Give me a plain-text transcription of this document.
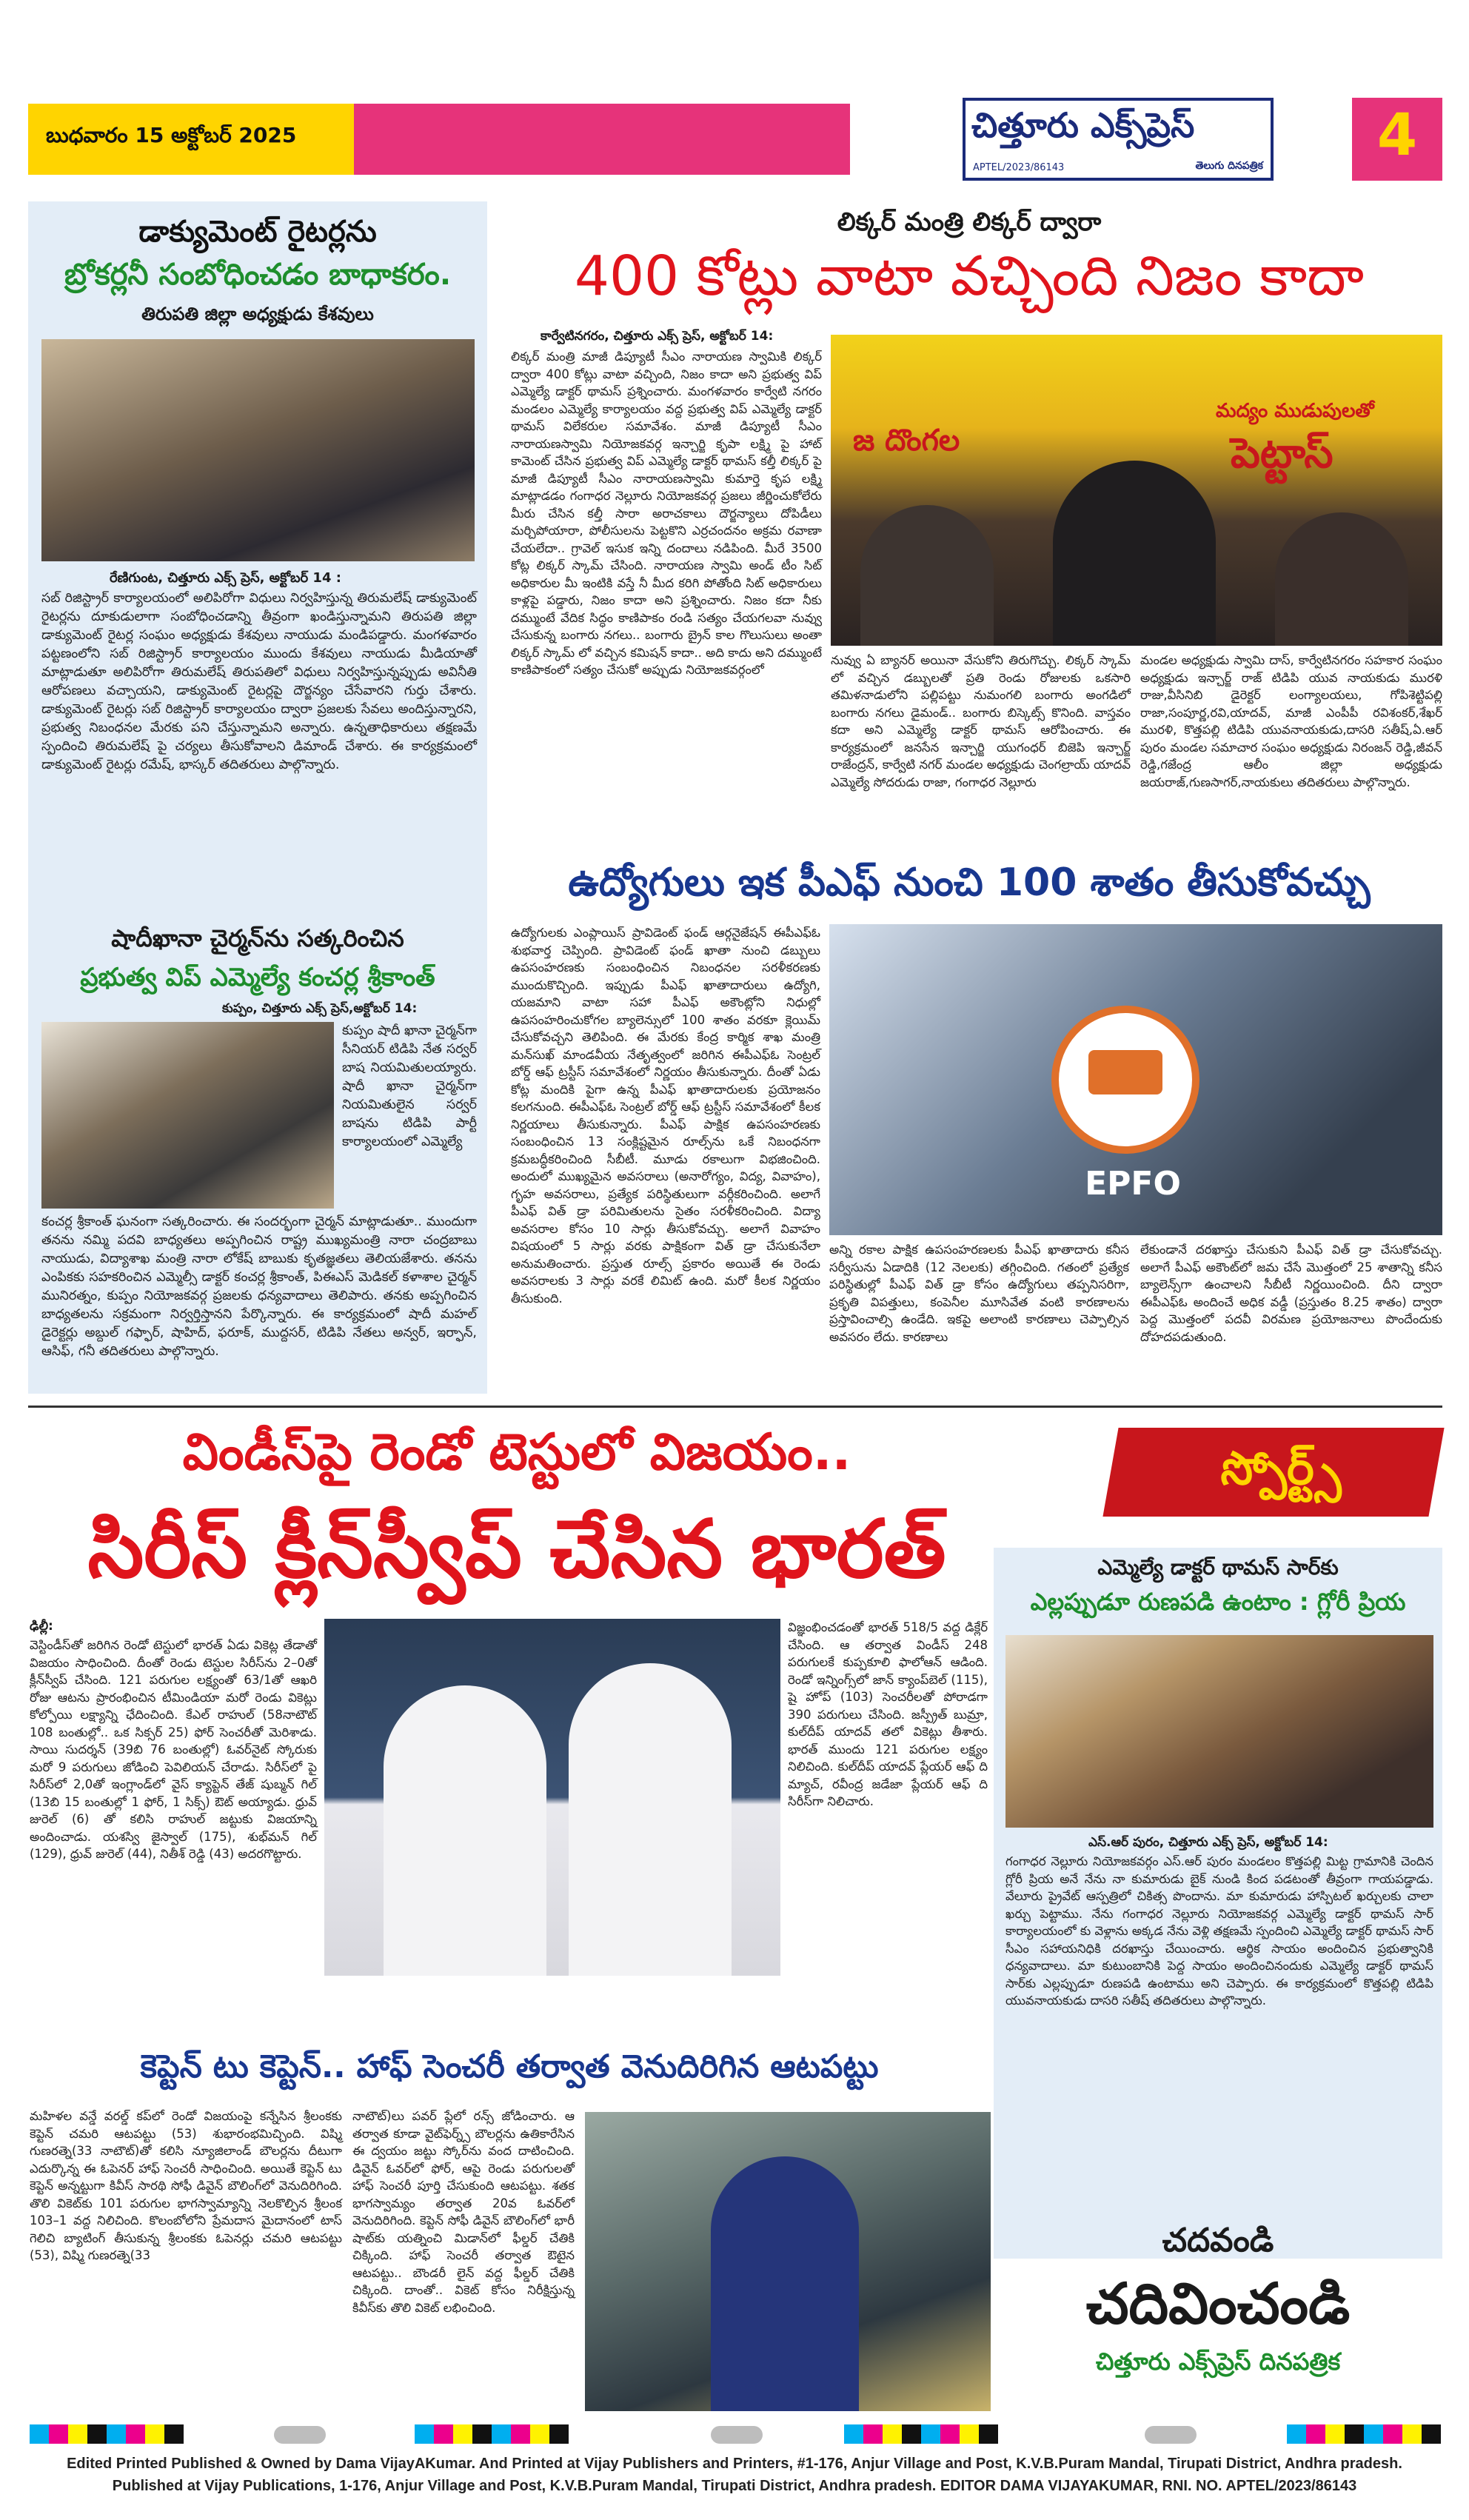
బుధవారం 15 అక్టోబర్ 2025	చిత్తూరు ఎక్స్‌ప్రెస్
APTEL/2023/86143	తెలుగు దినపత్రిక	4
డాక్యుమెంట్ రైటర్లను
బ్రోకర్లనీ సంబోధించడం బాధాకరం.
తిరుపతి జిల్లా అధ్యక్షుడు కేశవులు
రేణిగుంట, చిత్తూరు ఎక్స్ ప్రెస్, అక్టోబర్ 14 :
సబ్ రిజిస్ట్రార్ కార్యాలయంలో అలిపిరోగా విధులు నిర్వహిస్తున్న తిరుమలేష్ డాక్యుమెంట్ రైటర్లను దూకుడులాగా సంబోధించడాన్ని తీవ్రంగా ఖండిస్తున్నామని తిరుపతి జిల్లా డాక్యుమెంట్ రైటర్ల సంఘం అధ్యక్షుడు కేశవులు నాయుడు మండిపడ్డారు. మంగళవారం పట్టణంలోని సబ్ రిజిస్ట్రార్ కార్యాలయం ముందు కేశవులు నాయుడు మీడియాతో మాట్లాడుతూ అలిపిరోగా తిరుమలేష్ తిరుపతిలో విధులు నిర్వహిస్తున్నప్పుడు అవినీతి ఆరోపణలు వచ్చాయని, డాక్యుమెంట్ రైటర్లపై దౌర్జన్యం చేసేవారని గుర్తు చేశారు. డాక్యుమెంట్ రైటర్లు సబ్ రిజిస్ట్రార్ కార్యాలయం ద్వారా ప్రజలకు సేవలు అందిస్తున్నారని, ప్రభుత్వ నిబంధనల మేరకు పని చేస్తున్నామని అన్నారు. ఉన్నతాధికారులు తక్షణమే స్పందించి తిరుమలేష్ పై చర్యలు తీసుకోవాలని డిమాండ్ చేశారు. ఈ కార్యక్రమంలో డాక్యుమెంట్ రైటర్లు రమేష్, భాస్కర్ తదితరులు పాల్గొన్నారు.
షాదీఖానా చైర్మన్‌ను సత్కరించిన
ప్రభుత్వ విప్ ఎమ్మెల్యే కంచర్ల శ్రీకాంత్
కుప్పం, చిత్తూరు ఎక్స్ ప్రెస్,అక్టోబర్ 14:
కుప్పం షాదీ ఖానా చైర్మన్‌గా సీనియర్ టిడిపి నేత సర్వర్ బాష నియమితులయ్యారు. షాదీ ఖానా చైర్మన్‌గా నియమితులైన సర్వర్ బాషను టిడిపి పార్టీ కార్యాలయంలో ఎమ్మెల్యే
కంచర్ల శ్రీకాంత్ ఘనంగా సత్కరించారు. ఈ సందర్భంగా చైర్మన్ మాట్లాడుతూ.. ముందుగా తనను నమ్మి పదవి బాధ్యతలు అప్పగించిన రాష్ట్ర ముఖ్యమంత్రి నారా చంద్రబాబు నాయుడు, విద్యాశాఖ మంత్రి నారా లోకేష్ బాబుకు కృతజ్ఞతలు తెలియజేశారు. తనను ఎంపికకు సహకరించిన ఎమ్మెల్సీ డాక్టర్ కంచర్ల శ్రీకాంత్, పిఈఎస్ మెడికల్ కళాశాల చైర్మన్ మునిరత్నం, కుప్పం నియోజకవర్గ ప్రజలకు ధన్యవాదాలు తెలిపారు. తనకు అప్పగించిన బాధ్యతలను సక్రమంగా నిర్వర్తిస్తానని పేర్కొన్నారు. ఈ కార్యక్రమంలో షాదీ మహల్ డైరెక్టర్లు అబ్దుల్ గఫ్ఫార్, షాహిద్, ఫరూక్, ముద్దసర్, టిడిపి నేతలు అన్వర్, ఇర్ఫాన్, ఆసిఫ్, గనీ తదితరులు పాల్గొన్నారు.
లిక్కర్ మంత్రి లిక్కర్ ద్వారా
400 కోట్లు వాటా వచ్చింది నిజం కాదా
కార్వేటినగరం, చిత్తూరు ఎక్స్ ప్రెస్, అక్టోబర్ 14:
లిక్కర్ మంత్రి మాజీ డిప్యూటీ సీఎం నారాయణ స్వామికి లిక్కర్ ద్వారా 400 కోట్లు వాటా వచ్చింది, నిజం కాదా అని ప్రభుత్వ విప్ ఎమ్మెల్యే డాక్టర్ థామస్ ప్రశ్నించారు. మంగళవారం కార్వేటి నగరం మండలం ఎమ్మెల్యే కార్యాలయం వద్ద ప్రభుత్వ విప్ ఎమ్మెల్యే డాక్టర్ థామస్ విలేకరుల సమావేశం. మాజీ డిప్యూటీ సీఎం నారాయణస్వామి నియోజకవర్గ ఇన్చార్జి కృపా లక్ష్మి పై హాట్ కామెంట్ చేసిన ప్రభుత్వ విప్ ఎమ్మెల్యే డాక్టర్ థామస్ కల్తీ లిక్కర్ పై మాజీ డిప్యూటీ సీఎం నారాయణస్వామి కుమార్తె కృప లక్ష్మి మాట్లాడడం గంగాధర నెల్లూరు నియోజకవర్గ ప్రజలు జీర్ణించుకోలేరు మీరు చేసిన కల్తీ సారా అరాచకాలు దౌర్జన్యాలు దోపిడీలు మర్చిపోయారా, పోలీసులను పెట్టకొని ఎర్రచందనం అక్రమ రవాణా చేయలేదా.. గ్రావెల్ ఇసుక ఇన్ని దందాలు నడిపింది. మీరే 3500 కోట్ల లిక్కర్ స్కామ్ చేసింది. నారాయణ స్వామి అండ్ టీం సిట్ అధికారుల మీ ఇంటికి వస్తే నీ మీద కరిగి పోతోంది సిట్ అధికారులు కాళ్లపై పడ్డారు, నిజం కాదా అని ప్రశ్నించారు. నిజం కదా నీకు దమ్ముంటే వేదిక సిద్ధం కాణిపాకం రండి సత్యం చేయగలవా నువ్వు చేసుకున్న బంగారు నగలు.. బంగారు బ్రైన్ కాల గొలుసులు అంతా లిక్కర్ స్కామ్ లో వచ్చిన కమిషన్ కాదా.. అది కాదు అని దమ్ముంటే కాణిపాకంలో సత్యం చేసుకో అప్పుడు నియోజకవర్గంలో
మద్యం ముడుపులతో
పెట్టాస్
జ దొంగల
నువ్వు ఏ బ్యానర్ అయినా వేసుకోని తిరుగొచ్చు. లిక్కర్ స్కామ్ లో వచ్చిన డబ్బులతో ప్రతి రెండు రోజులకు ఒకసారి తమిళనాడులోని పల్లిపట్టు నుమంగలి బంగారు అంగడిలో బంగారు నగలు డైమండ్.. బంగారు బిస్కెట్స్ కొనింది. వాస్తవం కదా అని ఎమ్మెల్యే డాక్టర్ థామస్ ఆరోపించారు. ఈ కార్యక్రమంలో జనసేన ఇన్చార్జి యుగంధర్ బిజెపి ఇన్చార్జ్ రాజేంద్రన్, కార్వేటి నగర్ మండల అధ్యక్షుడు చెంగల్రాయ్ యాదవ్ ఎమ్మెల్యే సోదరుడు రాజా, గంగాధర నెల్లూరు
మండల అధ్యక్షుడు స్వామి దాస్, కార్వేటినగరం సహకార సంఘం అధ్యక్షుడు ఇన్చార్జ్ రాజ్ టిడిపి యువ నాయకుడు మురళి రాజు,వీసినిబి డైరెక్టర్ లంగ్యాలయలు, గోపిశెట్టిపల్లి రాజా,సంపూర్ణ,రవి,యాదవ్, మాజీ ఎంపీపీ రవిశంకర్,శేఖర్ మురళి, కొత్తపల్లి టిడిపి యువనాయకుడు,దాసరి సతీష్,ఏ.ఆర్ పురం మండల సమాచార సంఘం అధ్యక్షుడు నిరంజన్ రెడ్డి,జీవన్ రెడ్డి,గజేంద్ర ఆలీం జిల్లా అధ్యక్షుడు జయరాజ్,గుణసాగర్,నాయకులు తదితరులు పాల్గొన్నారు.
ఉద్యోగులు ఇక పీఎఫ్ నుంచి 100 శాతం తీసుకోవచ్చు
ఉద్యోగులకు ఎంప్లాయిస్ ప్రావిడెంట్ ఫండ్ ఆర్గనైజేషన్ ఈపీఎఫ్ఓ శుభవార్త చెప్పింది. ప్రావిడెంట్ ఫండ్ ఖాతా నుంచి డబ్బులు ఉపసంహరణకు సంబంధించిన నిబంధనల సరళీకరణకు ముందుకొచ్చింది. ఇప్పుడు పీఎఫ్ ఖాతాదారులు ఉద్యోగి, యజమాని వాటా సహా పీఎఫ్ అకౌంట్లోని నిధుల్లో ఉపసంహరించుకోగల బ్యాలెన్సులో 100 శాతం వరకూ క్లెయిమ్ చేసుకోవచ్చని తెలిపింది. ఈ మేరకు కేంద్ర కార్మిక శాఖ మంత్రి మన్‌సుఖ్ మాండవీయ నేతృత్వంలో జరిగిన ఈపీఎఫ్ఓ సెంట్రల్ బోర్డ్ ఆఫ్ ట్రస్టీస్ సమావేశంలో నిర్ణయం తీసుకున్నారు. దీంతో ఏడు కోట్ల మందికి పైగా ఉన్న పీఎఫ్ ఖాతాదారులకు ప్రయోజనం కలగనుంది. ఈపీఎఫ్ఓ సెంట్రల్ బోర్డ్ ఆఫ్ ట్రస్టీస్ సమావేశంలో కీలక నిర్ణయాలు తీసుకున్నారు. పీఎఫ్ పాక్షిక ఉపసంహరణకు సంబంధించిన 13 సంక్లిష్టమైన రూల్స్‌ను ఒకే నిబంధనగా క్రమబద్ధీకరించింది సీబీటీ. మూడు రకాలుగా విభజించింది. అందులో ముఖ్యమైన అవసరాలు (అనారోగ్యం, విద్య, వివాహం), గృహ అవసరాలు, ప్రత్యేక పరిస్థితులుగా వర్గీకరించింది. అలాగే పీఎఫ్ విత్ డ్రా పరిమితులను సైతం సరళీకరించింది. విద్యా అవసరాల కోసం 10 సార్లు తీసుకోవచ్చు. అలాగే వివాహం విషయంలో 5 సార్లు వరకు పాక్షికంగా విత్ డ్రా చేసుకునేలా అనుమతించారు. ప్రస్తుత రూల్స్ ప్రకారం అయితే ఈ రెండు అవసరాలకు 3 సార్లు వరకే లిమిట్ ఉంది. మరో కీలక నిర్ణయం తీసుకుంది.
EPFO
అన్ని రకాల పాక్షిక ఉపసంహరణలకు పీఎఫ్ ఖాతాదారు కనీస సర్వీసును ఏడాదికి (12 నెలలకు) తగ్గించింది. గతంలో ప్రత్యేక పరిస్థితుల్లో పీఎఫ్ విత్ డ్రా కోసం ఉద్యోగులు తప్పనిసరిగా, ప్రకృతి విపత్తులు, కంపెనీల మూసివేత వంటి కారణాలను ప్రస్తావించాల్సి ఉండేది. ఇకపై అలాంటి కారణాలు చెప్పాల్సిన అవసరం లేదు. కారణాలు
లేకుండానే దరఖాస్తు చేసుకుని పీఎఫ్ విత్ డ్రా చేసుకోవచ్చు. అలాగే పీఎఫ్ అకౌంట్‌లో జమ చేసే మొత్తంలో 25 శాతాన్ని కనీస బ్యాలెన్స్‌గా ఉంచాలని సీబీటీ నిర్ణయించింది. దీని ద్వారా ఈపీఎఫ్ఓ అందించే అధిక వడ్డీ (ప్రస్తుతం 8.25 శాతం) ద్వారా పెద్ద మొత్తంలో పదవీ విరమణ ప్రయోజనాలు పొందేందుకు దోహదపడుతుంది.
విండీస్‌పై రెండో టెస్టులో విజయం..
సిరీస్ క్లీన్‌స్వీప్ చేసిన భారత్
స్పోర్ట్స్
ఢిల్లీ:
వెస్టిండీస్‌తో జరిగిన రెండో టెస్టులో భారత్ ఏడు వికెట్ల తేడాతో విజయం సాధించింది. దీంతో రెండు టెస్టుల సిరీస్‌ను 2–0తో క్లీన్‌స్వీప్ చేసింది. 121 పరుగుల లక్ష్యంతో 63/1తో ఆఖరి రోజు ఆటను ప్రారంభించిన టీమిండియా మరో రెండు వికెట్లు కోల్పోయి లక్ష్యాన్ని ఛేదించింది. కేఎల్ రాహుల్ (58నాటౌట్ 108 బంతుల్లో.. ఒక సిక్సర్ 25) ఫోర్ సెంచరీతో మెరిశాడు. సాయి సుదర్శన్ (39బి 76 బంతుల్లో) ఓవర్‌నైట్ స్కోరుకు మరో 9 పరుగులు జోడించి పెవిలియన్ చేరాడు. సిరీస్‌లో పై సిరీస్‌లో 2,0తో ఇంగ్లాండ్‌లో వైస్ క్యాప్టెన్ తేజ్ షుబ్మన్ గిల్‌ (13బి 15 బంతుల్లో 1 ఫోర్, 1 సిక్స్) ఔట్ అయ్యాడు. ధ్రువ్ జురెల్ (6) తో కలిసి రాహుల్ జట్టుకు విజయాన్ని అందించాడు. యశస్వి జైస్వాల్ (175), శుభ్‌మన్ గిల్ (129), ధ్రువ్ జురెల్ (44), నితీశ్ రెడ్డి (43) అదరగొట్టారు.
విజ్ఞంభించడంతో భారత్ 518/5 వద్ద డిక్లేర్ చేసింది. ఆ తర్వాత విండీస్ 248 పరుగులకే కుప్పకూలి ఫాలోఆన్ ఆడింది. రెండో ఇన్నింగ్స్‌లో జాన్ క్యాంప్‌బెల్ (115), షై హోప్ (103) సెంచరీలతో పోరాడగా 390 పరుగులు చేసింది. జస్ప్రీత్ బుమ్రా, కుల్‌దీప్ యాదవ్ తలో వికెట్లు తీశారు. భారత్ ముందు 121 పరుగుల లక్ష్యం నిలిచింది. కుల్‌దీప్ యాదవ్ ప్లేయర్ ఆఫ్ ది మ్యాచ్, రవీంద్ర జడేజా ప్లేయర్ ఆఫ్ ది సిరీస్‌గా నిలిచారు.
ఎమ్మెల్యే డాక్టర్ థామస్ సార్‌కు
ఎల్లప్పుడూ రుణపడి ఉంటాం : గ్లోరీ ప్రియ
ఎస్.ఆర్ పురం, చిత్తూరు ఎక్స్ ప్రెస్, అక్టోబర్ 14:
గంగాధర నెల్లూరు నియోజకవర్గం ఎస్.ఆర్ పురం మండలం కొత్తపల్లి మిట్ట గ్రామానికి చెందిన గ్లోరీ ప్రియ అనే నేను నా కుమారుడు బైక్ నుండి కింద పడటంతో తీవ్రంగా గాయపడ్డాడు. వేలూరు ప్రైవేట్ ఆస్పత్రిలో చికిత్స పొందాను. మా కుమారుడు హాస్పిటల్ ఖర్చులకు చాలా ఖర్చు పెట్టాము. నేను గంగాధర నెల్లూరు నియోజకవర్గ ఎమ్మెల్యే డాక్టర్ థామస్ సార్ కార్యాలయంలో కు వెళ్లాను అక్కడ నేను వెళ్లి తక్షణమే స్పందించి ఎమ్మెల్యే డాక్టర్ థామస్ సార్ సీఎం సహాయనిధికి దరఖాస్తు చేయించారు. ఆర్థిక సాయం అందించిన ప్రభుత్వానికి ధన్యవాదాలు. మా కుటుంబానికి పెద్ద సాయం అందించినందుకు ఎమ్మెల్యే డాక్టర్ థామస్ సార్‌కు ఎల్లప్పుడూ రుణపడి ఉంటాము అని చెప్పారు. ఈ కార్యక్రమంలో కొత్తపల్లి టిడిపి యువనాయకుడు దాసరి సతీష్ తదితరులు పాల్గొన్నారు.
కెప్టెన్ టు కెప్టెన్.. హాఫ్ సెంచరీ తర్వాత వెనుదిరిగిన ఆటపట్టు
మహిళల వన్డే వరల్డ్ కప్‌లో రెండో విజయంపై కన్నేసిన శ్రీలంకకు కెప్టెన్ చమరి ఆటపట్టు (53) శుభారంభమిచ్చింది. విష్మి గుణరత్నె(33 నాటౌట్)తో కలిసి న్యూజిలాండ్ బౌలర్లను దీటుగా ఎదుర్కొన్న ఈ ఓపెనర్ హాఫ్ సెంచరీ సాధించింది. అయితే కెప్టెన్ టు కెప్టెన్ అన్నట్టుగా కివీస్ సారథి సోఫీ డివైన్ బౌలింగ్‌లో వెనుదిరిగింది. తొలి వికెట్‌కు 101 పరుగుల భాగస్వామ్యాన్ని నెలకొల్పిన శ్రీలంక 103–1 వద్ద నిలిచింది. కొలంబోలోని ప్రేమదాస మైదానంలో టాస్ గెలిచి బ్యాటింగ్ తీసుకున్న శ్రీలంకకు ఓపెనర్లు చమరి ఆటపట్టు (53), విష్మి గుణరత్నె(33
నాటౌట్)లు పవర్ ప్లేలో రన్స్ జోడించారు. ఆ తర్వాత కూడా వైట్‌ఫెర్న్స్ బౌలర్లను ఉతికారేసిన ఈ ద్వయం జట్టు స్కోర్‌ను వంద దాటించింది. డివైన్ ఓవర్‌లో ఫోర్, ఆపై రెండు పరుగులతో హాఫ్ సెంచరీ పూర్తి చేసుకుంది ఆటపట్టు. శతక భాగస్వామ్యం తర్వాత 20వ ఓవర్‌లో వెనుదిరిగింది. కెప్టెన్ సోఫీ డివైన్ బౌలింగ్‌లో భారీ షాట్‌కు యత్నించి మిడాన్‌లో ఫీల్డర్ చేతికి చిక్కింది. హాఫ్ సెంచరీ తర్వాత ఔటైన ఆటపట్టు.. బౌండరీ లైన్ వద్ద ఫీల్డర్ చేతికి చిక్కింది. దాంతో.. వికెట్ కోసం నిరీక్షిస్తున్న కివీస్‌కు తొలి వికెట్ లభించింది.
చదవండి
చదివించండి
చిత్తూరు ఎక్స్‌ప్రెస్ దినపత్రిక
Edited Printed Published & Owned by Dama VijayAKumar. And Printed at Vijay Publishers and Printers, #1-176, Anjur Village and Post, K.V.B.Puram Mandal, Tirupati District, Andhra pradesh.
Published at Vijay Publications, 1-176, Anjur Village and Post, K.V.B.Puram Mandal, Tirupati District, Andhra pradesh. EDITOR DAMA VIJAYAKUMAR, RNI. NO. APTEL/2023/86143
